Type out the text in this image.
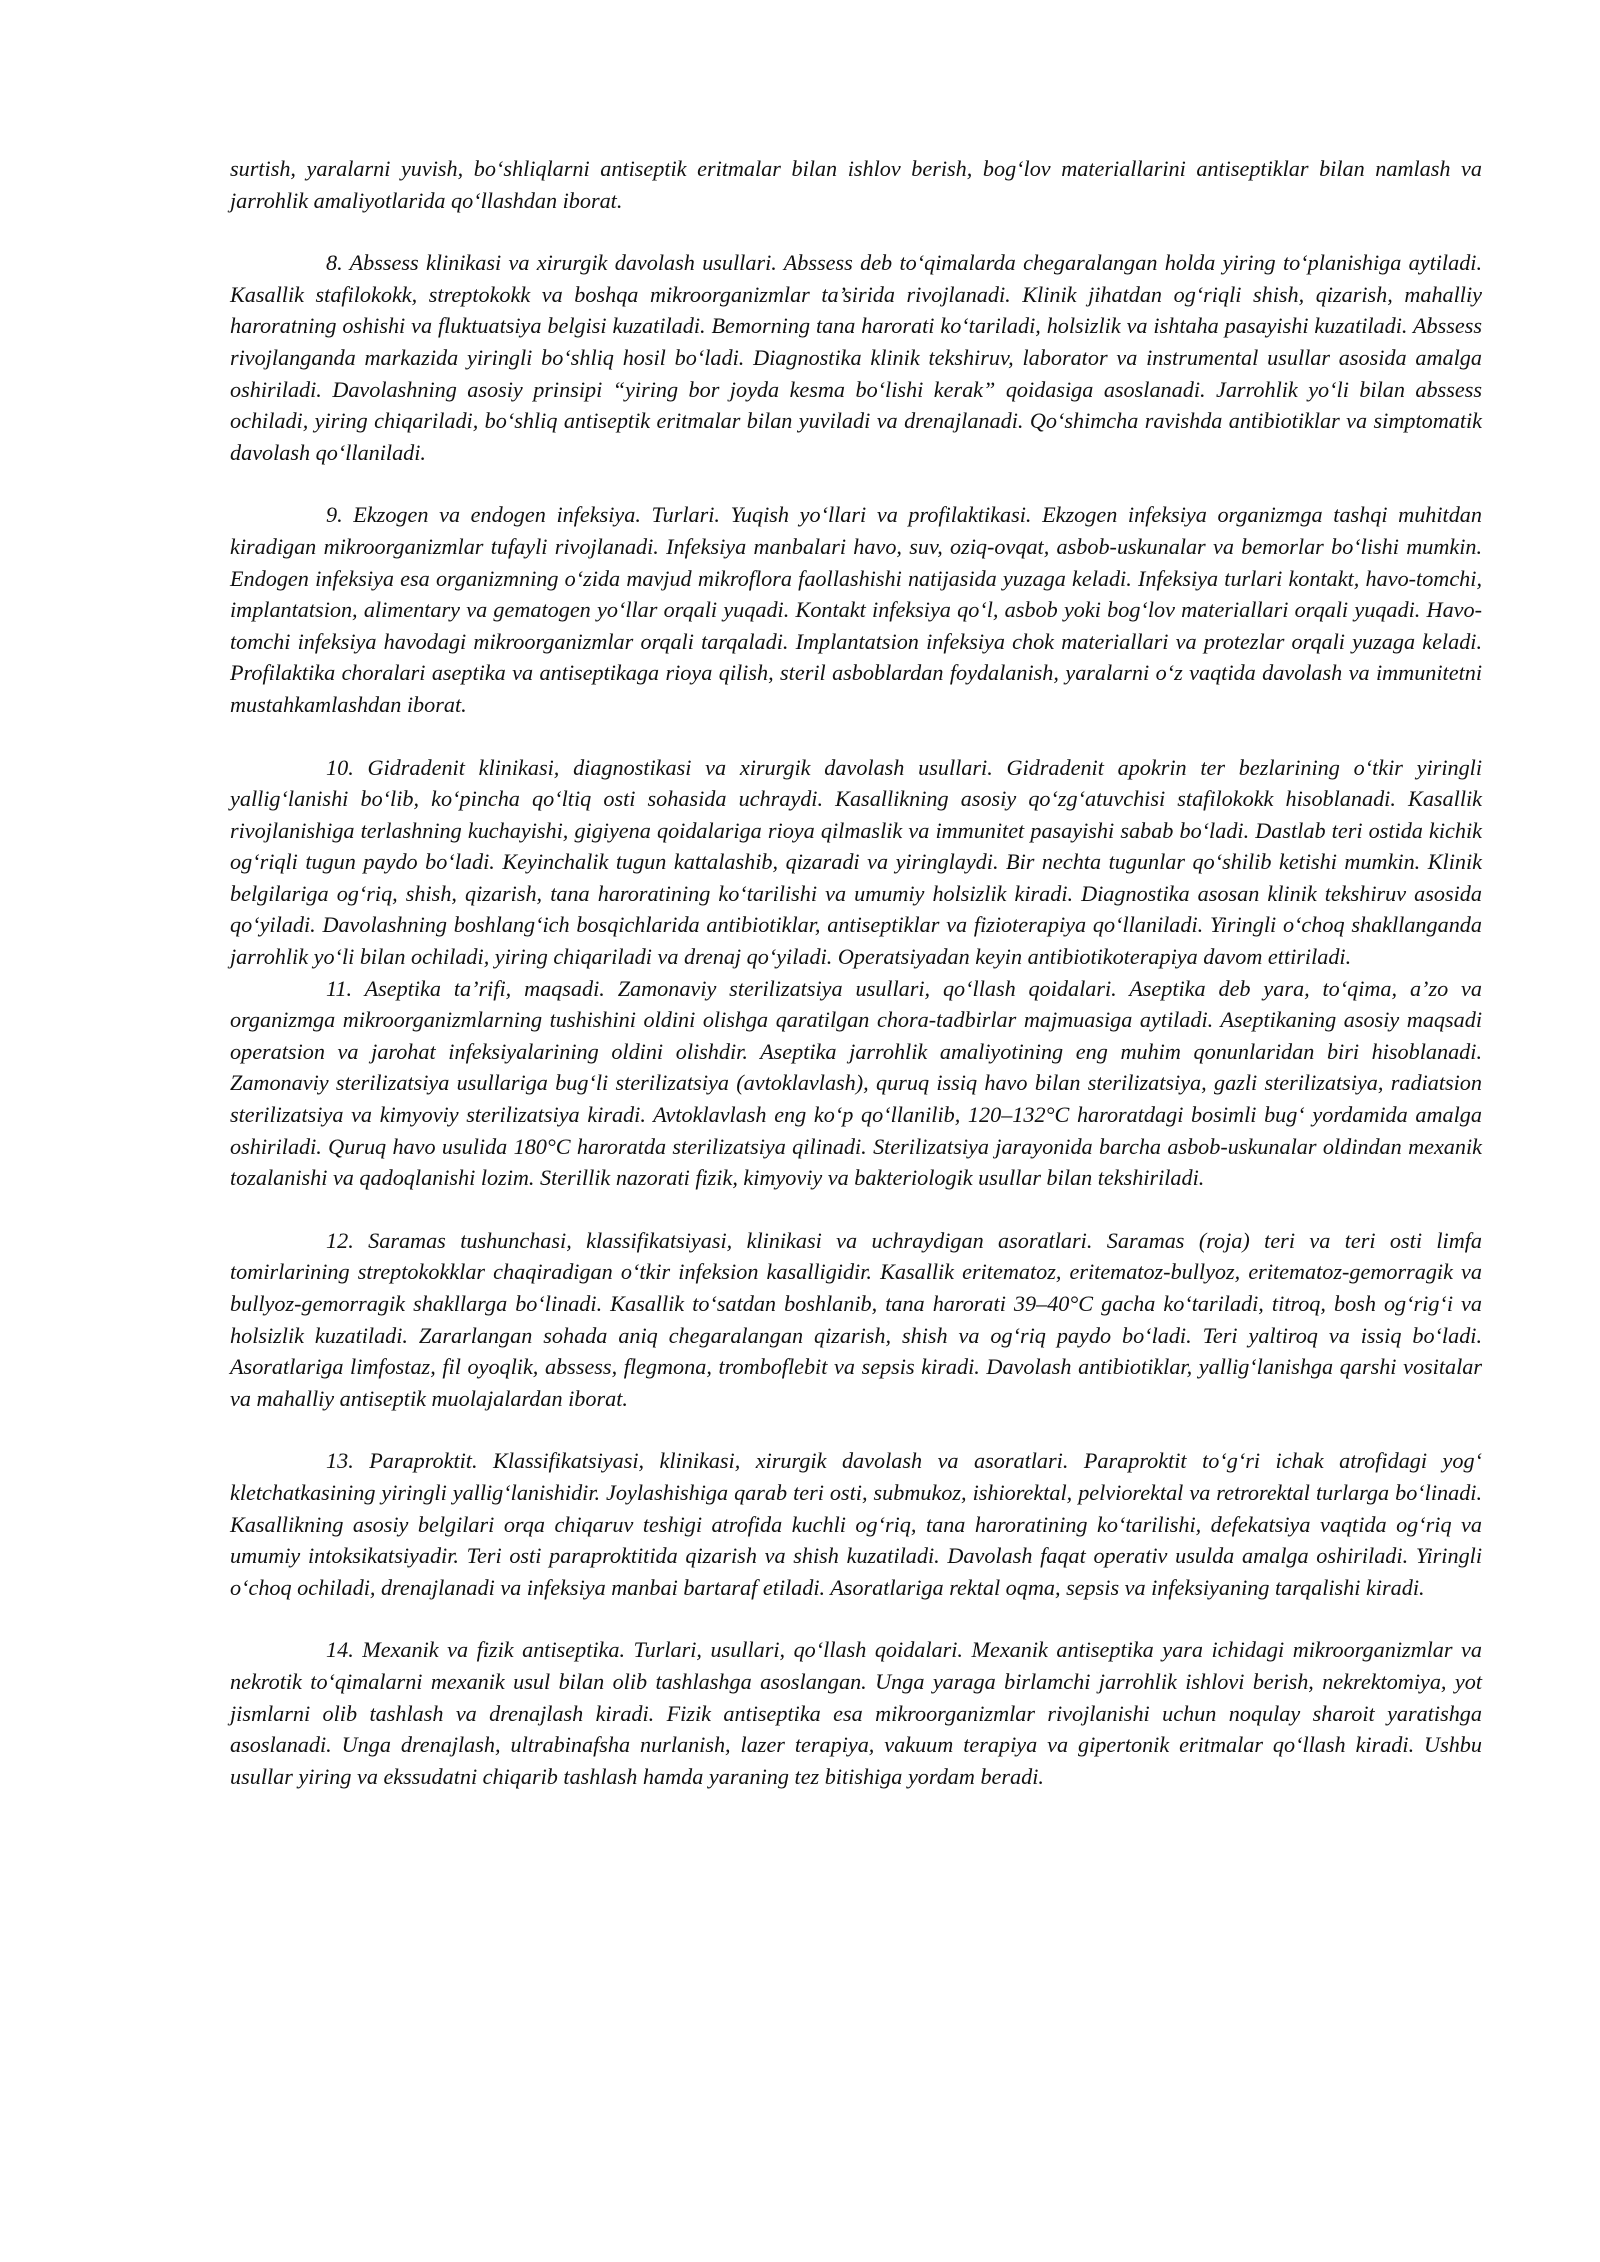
surtish, yaralarni yuvish, bo‘shliqlarni antiseptik eritmalar bilan ishlov berish, bog‘lov materiallarini antiseptiklar bilan namlash va jarrohlik amaliyotlarida qo‘llashdan iborat.

8. Abssess klinikasi va xirurgik davolash usullari. Abssess deb to‘qimalarda chegaralangan holda yiring to‘planishiga aytiladi. Kasallik stafilokokk, streptokokk va boshqa mikroorganizmlar ta’sirida rivojlanadi. Klinik jihatdan og‘riqli shish, qizarish, mahalliy haroratning oshishi va fluktuatsiya belgisi kuzatiladi. Bemorning tana harorati ko‘tariladi, holsizlik va ishtaha pasayishi kuzatiladi. Abssess rivojlanganda markazida yiringli bo‘shliq hosil bo‘ladi. Diagnostika klinik tekshiruv, laborator va instrumental usullar asosida amalga oshiriladi. Davolashning asosiy prinsipi “yiring bor joyda kesma bo‘lishi kerak” qoidasiga asoslanadi. Jarrohlik yo‘li bilan abssess ochiladi, yiring chiqariladi, bo‘shliq antiseptik eritmalar bilan yuviladi va drenajlanadi. Qo‘shimcha ravishda antibiotiklar va simptomatik davolash qo‘llaniladi.

9. Ekzogen va endogen infeksiya. Turlari. Yuqish yo‘llari va profilaktikasi. Ekzogen infeksiya organizmga tashqi muhitdan kiradigan mikroorganizmlar tufayli rivojlanadi. Infeksiya manbalari havo, suv, oziq-ovqat, asbob-uskunalar va bemorlar bo‘lishi mumkin. Endogen infeksiya esa organizmning o‘zida mavjud mikroflora faollashishi natijasida yuzaga keladi. Infeksiya turlari kontakt, havo-tomchi, implantatsion, alimentary va gematogen yo‘llar orqali yuqadi. Kontakt infeksiya qo‘l, asbob yoki bog‘lov materiallari orqali yuqadi. Havo-tomchi infeksiya havodagi mikroorganizmlar orqali tarqaladi. Implantatsion infeksiya chok materiallari va protezlar orqali yuzaga keladi. Profilaktika choralari aseptika va antiseptikaga rioya qilish, steril asboblardan foydalanish, yaralarni o‘z vaqtida davolash va immunitetni mustahkamlashdan iborat.

10. Gidradenit klinikasi, diagnostikasi va xirurgik davolash usullari. Gidradenit apokrin ter bezlarining o‘tkir yiringli yallig‘lanishi bo‘lib, ko‘pincha qo‘ltiq osti sohasida uchraydi. Kasallikning asosiy qo‘zg‘atuvchisi stafilokokk hisoblanadi. Kasallik rivojlanishiga terlashning kuchayishi, gigiyena qoidalariga rioya qilmaslik va immunitet pasayishi sabab bo‘ladi. Dastlab teri ostida kichik og‘riqli tugun paydo bo‘ladi. Keyinchalik tugun kattalashib, qizaradi va yiringlaydi. Bir nechta tugunlar qo‘shilib ketishi mumkin. Klinik belgilariga og‘riq, shish, qizarish, tana haroratining ko‘tarilishi va umumiy holsizlik kiradi. Diagnostika asosan klinik tekshiruv asosida qo‘yiladi. Davolashning boshlang‘ich bosqichlarida antibiotiklar, antiseptiklar va fizioterapiya qo‘llaniladi. Yiringli o‘choq shakllanganda jarrohlik yo‘li bilan ochiladi, yiring chiqariladi va drenaj qo‘yiladi. Operatsiyadan keyin antibiotikoterapiya davom ettiriladi.

11. Aseptika ta’rifi, maqsadi. Zamonaviy sterilizatsiya usullari, qo‘llash qoidalari. Aseptika deb yara, to‘qima, a’zo va organizmga mikroorganizmlarning tushishini oldini olishga qaratilgan chora-tadbirlar majmuasiga aytiladi. Aseptikaning asosiy maqsadi operatsion va jarohat infeksiyalarining oldini olishdir. Aseptika jarrohlik amaliyotining eng muhim qonunlaridan biri hisoblanadi. Zamonaviy sterilizatsiya usullariga bug‘li sterilizatsiya (avtoklavlash), quruq issiq havo bilan sterilizatsiya, gazli sterilizatsiya, radiatsion sterilizatsiya va kimyoviy sterilizatsiya kiradi. Avtoklavlash eng ko‘p qo‘llanilib, 120–132°C haroratdagi bosimli bug‘ yordamida amalga oshiriladi. Quruq havo usulida 180°C haroratda sterilizatsiya qilinadi. Sterilizatsiya jarayonida barcha asbob-uskunalar oldindan mexanik tozalanishi va qadoqlanishi lozim. Sterillik nazorati fizik, kimyoviy va bakteriologik usullar bilan tekshiriladi.

12. Saramas tushunchasi, klassifikatsiyasi, klinikasi va uchraydigan asoratlari. Saramas (roja) teri va teri osti limfa tomirlarining streptokokklar chaqiradigan o‘tkir infeksion kasalligidir. Kasallik eritematoz, eritematoz-bullyoz, eritematoz-gemorragik va bullyoz-gemorragik shakllarga bo‘linadi. Kasallik to‘satdan boshlanib, tana harorati 39–40°C gacha ko‘tariladi, titroq, bosh og‘rig‘i va holsizlik kuzatiladi. Zararlangan sohada aniq chegaralangan qizarish, shish va og‘riq paydo bo‘ladi. Teri yaltiroq va issiq bo‘ladi. Asoratlariga limfostaz, fil oyoqlik, abssess, flegmona, tromboflebit va sepsis kiradi. Davolash antibiotiklar, yallig‘lanishga qarshi vositalar va mahalliy antiseptik muolajalardan iborat.

13. Paraproktit. Klassifikatsiyasi, klinikasi, xirurgik davolash va asoratlari. Paraproktit to‘g‘ri ichak atrofidagi yog‘ kletchatkasining yiringli yallig‘lanishidir. Joylashishiga qarab teri osti, submukoz, ishiorektal, pelviorektal va retrorektal turlarga bo‘linadi. Kasallikning asosiy belgilari orqa chiqaruv teshigi atrofida kuchli og‘riq, tana haroratining ko‘tarilishi, defekatsiya vaqtida og‘riq va umumiy intoksikatsiyadir. Teri osti paraproktitida qizarish va shish kuzatiladi. Davolash faqat operativ usulda amalga oshiriladi. Yiringli o‘choq ochiladi, drenajlanadi va infeksiya manbai bartaraf etiladi. Asoratlariga rektal oqma, sepsis va infeksiyaning tarqalishi kiradi.

14. Mexanik va fizik antiseptika. Turlari, usullari, qo‘llash qoidalari. Mexanik antiseptika yara ichidagi mikroorganizmlar va nekrotik to‘qimalarni mexanik usul bilan olib tashlashga asoslangan. Unga yaraga birlamchi jarrohlik ishlovi berish, nekrektomiya, yot jismlarni olib tashlash va drenajlash kiradi. Fizik antiseptika esa mikroorganizmlar rivojlanishi uchun noqulay sharoit yaratishga asoslanadi. Unga drenajlash, ultrabinafsha nurlanish, lazer terapiya, vakuum terapiya va gipertonik eritmalar qo‘llash kiradi. Ushbu usullar yiring va ekssudatni chiqarib tashlash hamda yaraning tez bitishiga yordam beradi.
